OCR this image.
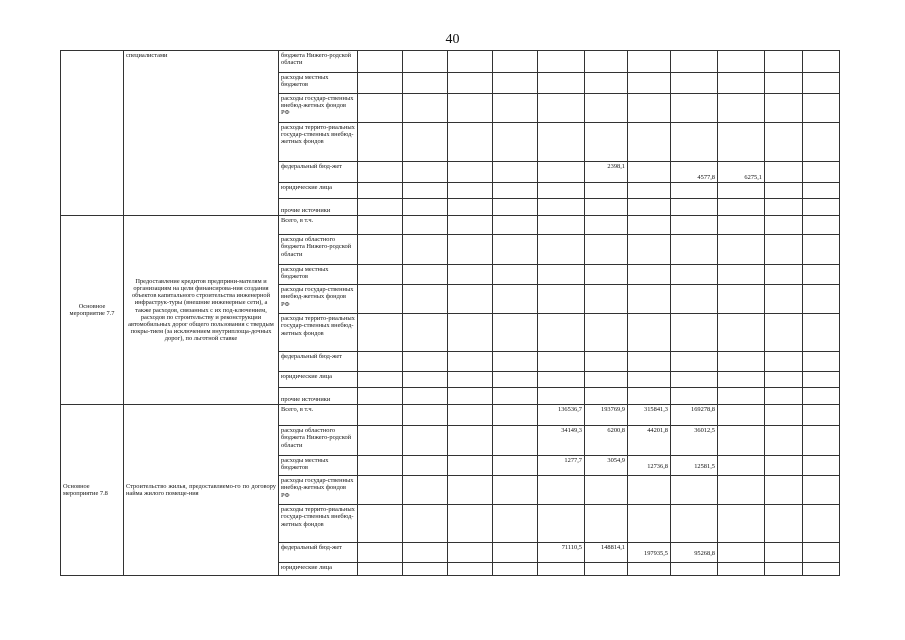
40
	специалистами	бюджета Нижего-родской области											
		расходы местных бюджетов											
		расходы государ-ственных внебюд-жетных фондов РФ											
		расходы террито-риальных государ-ственных внебюд-жетных фондов											
		федеральный бюд-жет						2398,1		4577,8	6275,1		

		юридические лица											
		прочие источники											
Основное мероприятие 7.7	Предоставление кредитов предприни-мателям и организациям на цели финансирова-ния создания объектов капитального строительства инженерной инфраструк-туры (внешние инженерные сети), а также расходов, связанных с их под-ключением, расходов по строительству и реконструкции автомобильных дорог общего пользования с твердым покры-тием (за исключением внутриплоща-дочных дорог), по льготной ставке	Всего, в т.ч.											
		расходы областного бюджета Нижего-родской области											
		расходы местных бюджетов											
		расходы государ-ственных внебюд-жетных фондов РФ											
		расходы террито-риальных государ-ственных внебюд-жетных фондов											
		федеральный бюд-жет											
		юридические лица											
		прочие источники											
Основное мероприятие 7.8	Строительство жилья, предоставляемо-го по договору найма жилого помеще-ния	Всего, в т.ч.					136536,7	193769,9	315841,3	169278,8			
		расходы областного бюджета Нижего-родской области					34149,3	6200,8	44201,8	36012,5			
		расходы местных бюджетов					1277,7	3054,9	12736,8	12581,5			

		расходы государ-ственных внебюд-жетных фондов РФ											
		расходы террито-риальных государ-ственных внебюд-жетных фондов											
		федеральный бюд-жет					71110,5	148814,1	197935,5	95268,8			

		юридические лица											
